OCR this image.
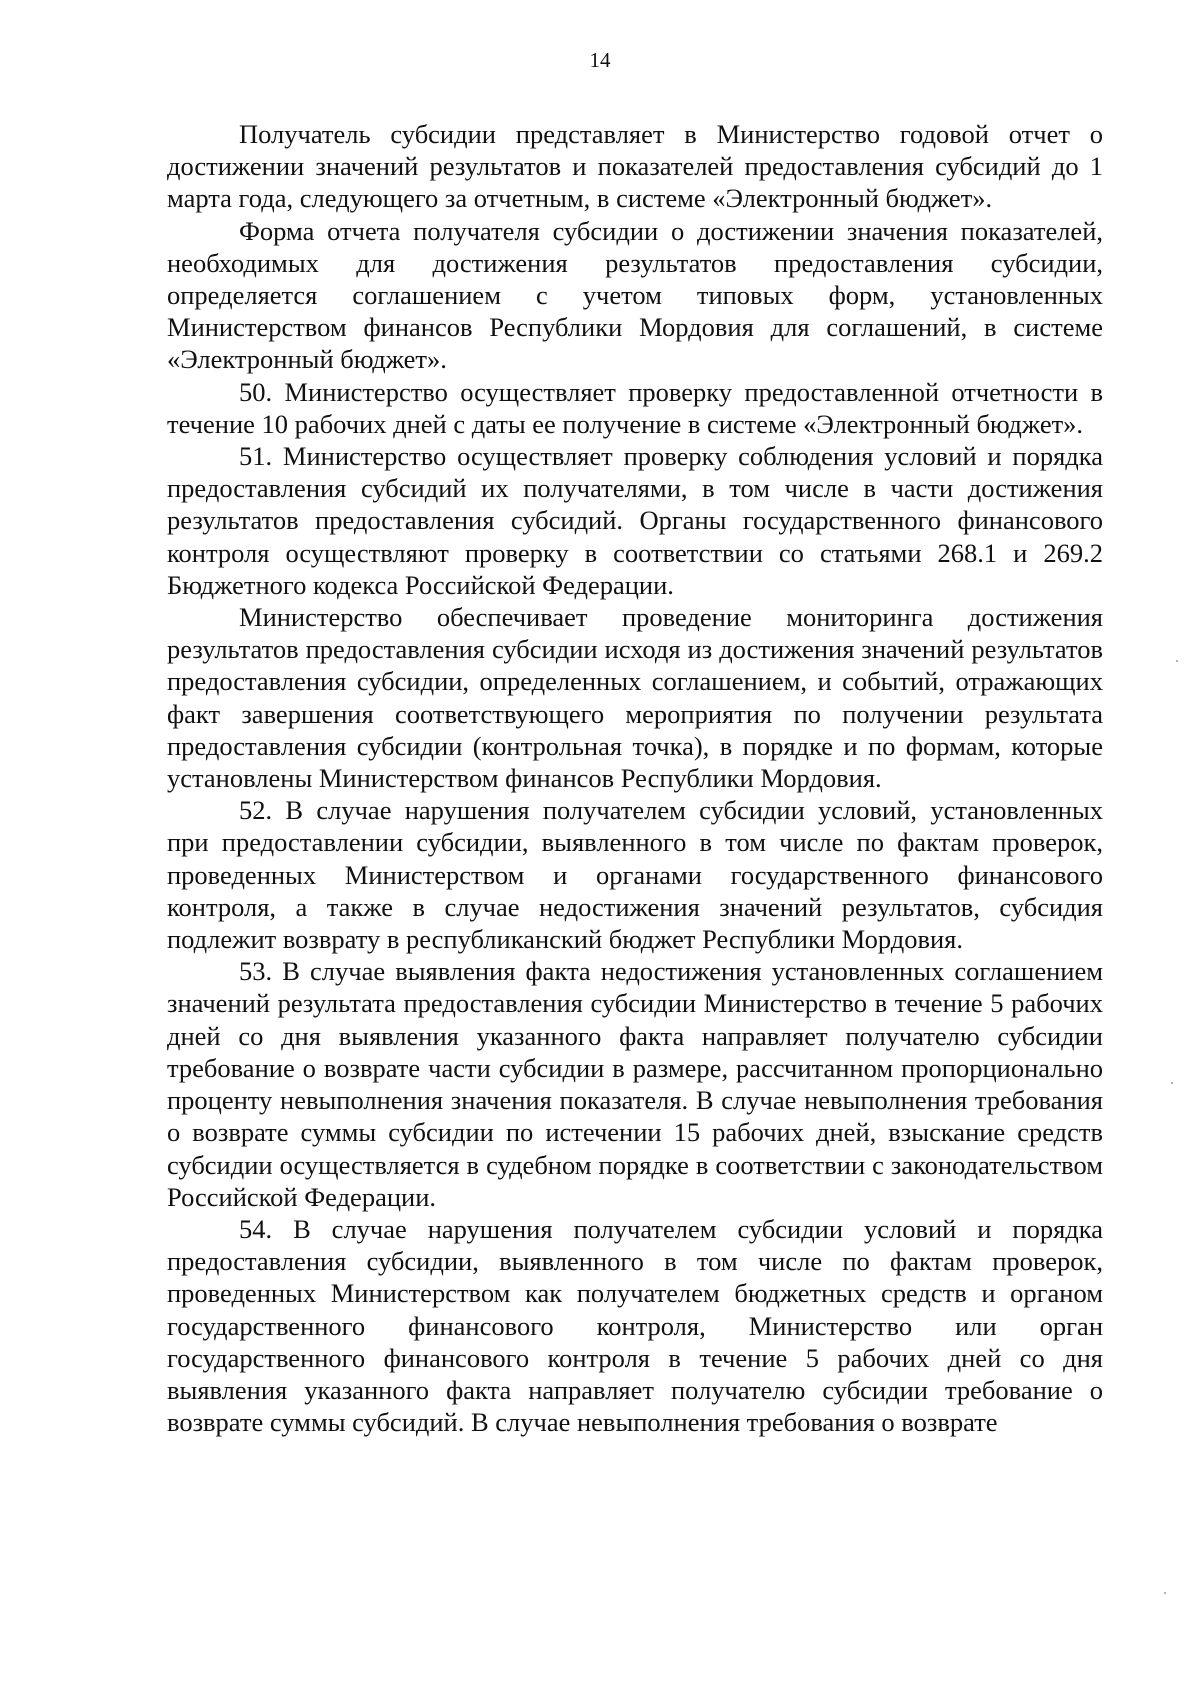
14

Получатель субсидии представляет в Министерство годовой отчет о достижении значений результатов и показателей предоставления субсидий до 1 марта года, следующего за отчетным, в системе «Электронный бюджет».

Форма отчета получателя субсидии о достижении значения показателей, необходимых для достижения результатов предоставления субсидии, определяется соглашением с учетом типовых форм, установленных Министерством финансов Республики Мордовия для соглашений, в системе «Электронный бюджет».

50. Министерство осуществляет проверку предоставленной отчетности в течение 10 рабочих дней с даты ее получение в системе «Электронный бюджет».

51. Министерство осуществляет проверку соблюдения условий и порядка предоставления субсидий их получателями, в том числе в части достижения результатов предоставления субсидий. Органы государственного финансового контроля осуществляют проверку в соответствии со статьями 268.1 и 269.2 Бюджетного кодекса Российской Федерации.

Министерство обеспечивает проведение мониторинга достижения результатов предоставления субсидии исходя из достижения значений результатов предоставления субсидии, определенных соглашением, и событий, отражающих факт завершения соответствующего мероприятия по получении результата предоставления субсидии (контрольная точка), в порядке и по формам, которые установлены Министерством финансов Республики Мордовия.

52. В случае нарушения получателем субсидии условий, установленных при предоставлении субсидии, выявленного в том числе по фактам проверок, проведенных Министерством и органами государственного финансового контроля, а также в случае недостижения значений результатов, субсидия подлежит возврату в республиканский бюджет Республики Мордовия.

53. В случае выявления факта недостижения установленных соглашением значений результата предоставления субсидии Министерство в течение 5 рабочих дней со дня выявления указанного факта направляет получателю субсидии требование о возврате части субсидии в размере, рассчитанном пропорционально проценту невыполнения значения показателя. В случае невыполнения требования о возврате суммы субсидии по истечении 15 рабочих дней, взыскание средств субсидии осуществляется в судебном порядке в соответствии с законодательством Российской Федерации.

54. В случае нарушения получателем субсидии условий и порядка предоставления субсидии, выявленного в том числе по фактам проверок, проведенных Министерством как получателем бюджетных средств и органом государственного финансового контроля, Министерство или орган государственного финансового контроля в течение 5 рабочих дней со дня выявления указанного факта направляет получателю субсидии требование о возврате суммы субсидий. В случае невыполнения требования о возврате
